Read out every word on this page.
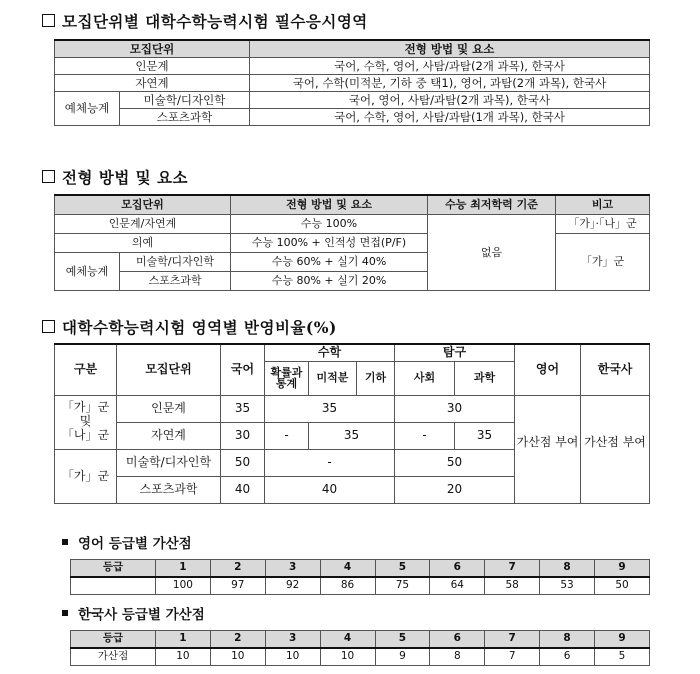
모집단위별 대학수학능력시험 필수응시영역
모집단위		전형 방법 및 요소
인문계		국어, 수학, 영어, 사탐/과탐(2개 과목), 한국사
자연계		국어, 수학(미적분, 기하 중 택1), 영어, 과탐(2개 과목), 한국사
예체능계	미술학/디자인학	국어, 영어, 사탐/과탐(2개 과목), 한국사
	스포츠과학	국어, 수학, 영어, 사탐/과탐(1개 과목), 한국사
전형 방법 및 요소
모집단위		전형 방법 및 요소	수능 최저학력 기준	비고
인문계/자연계		수능 100%	없음	「가」·「나」군
의예		수능 100% + 인적성 면접(P/F)		「가」군
예체능계	미술학/디자인학	수능 60% + 실기 40%		
	스포츠과학	수능 80% + 실기 20%		
대학수학능력시험 영역별 반영비율(%)
구분	모집단위	국어	수학			탐구		영어	한국사
			확률과 통계	미적분	기하	사회	과학		

「가」군
및
「나」군	인문계	35	35			30		가산점 부여	가산점 부여
	자연계	30	-	35		-	35		
「가」군	미술학/디자인학	50	-			50			
	스포츠과학	40	40			20			
영어 등급별 가산점
등급	1	2	3	4	5	6	7	8	9
	100	97	92	86	75	64	58	53	50
한국사 등급별 가산점
등급	1	2	3	4	5	6	7	8	9
가산점	10	10	10	10	9	8	7	6	5
